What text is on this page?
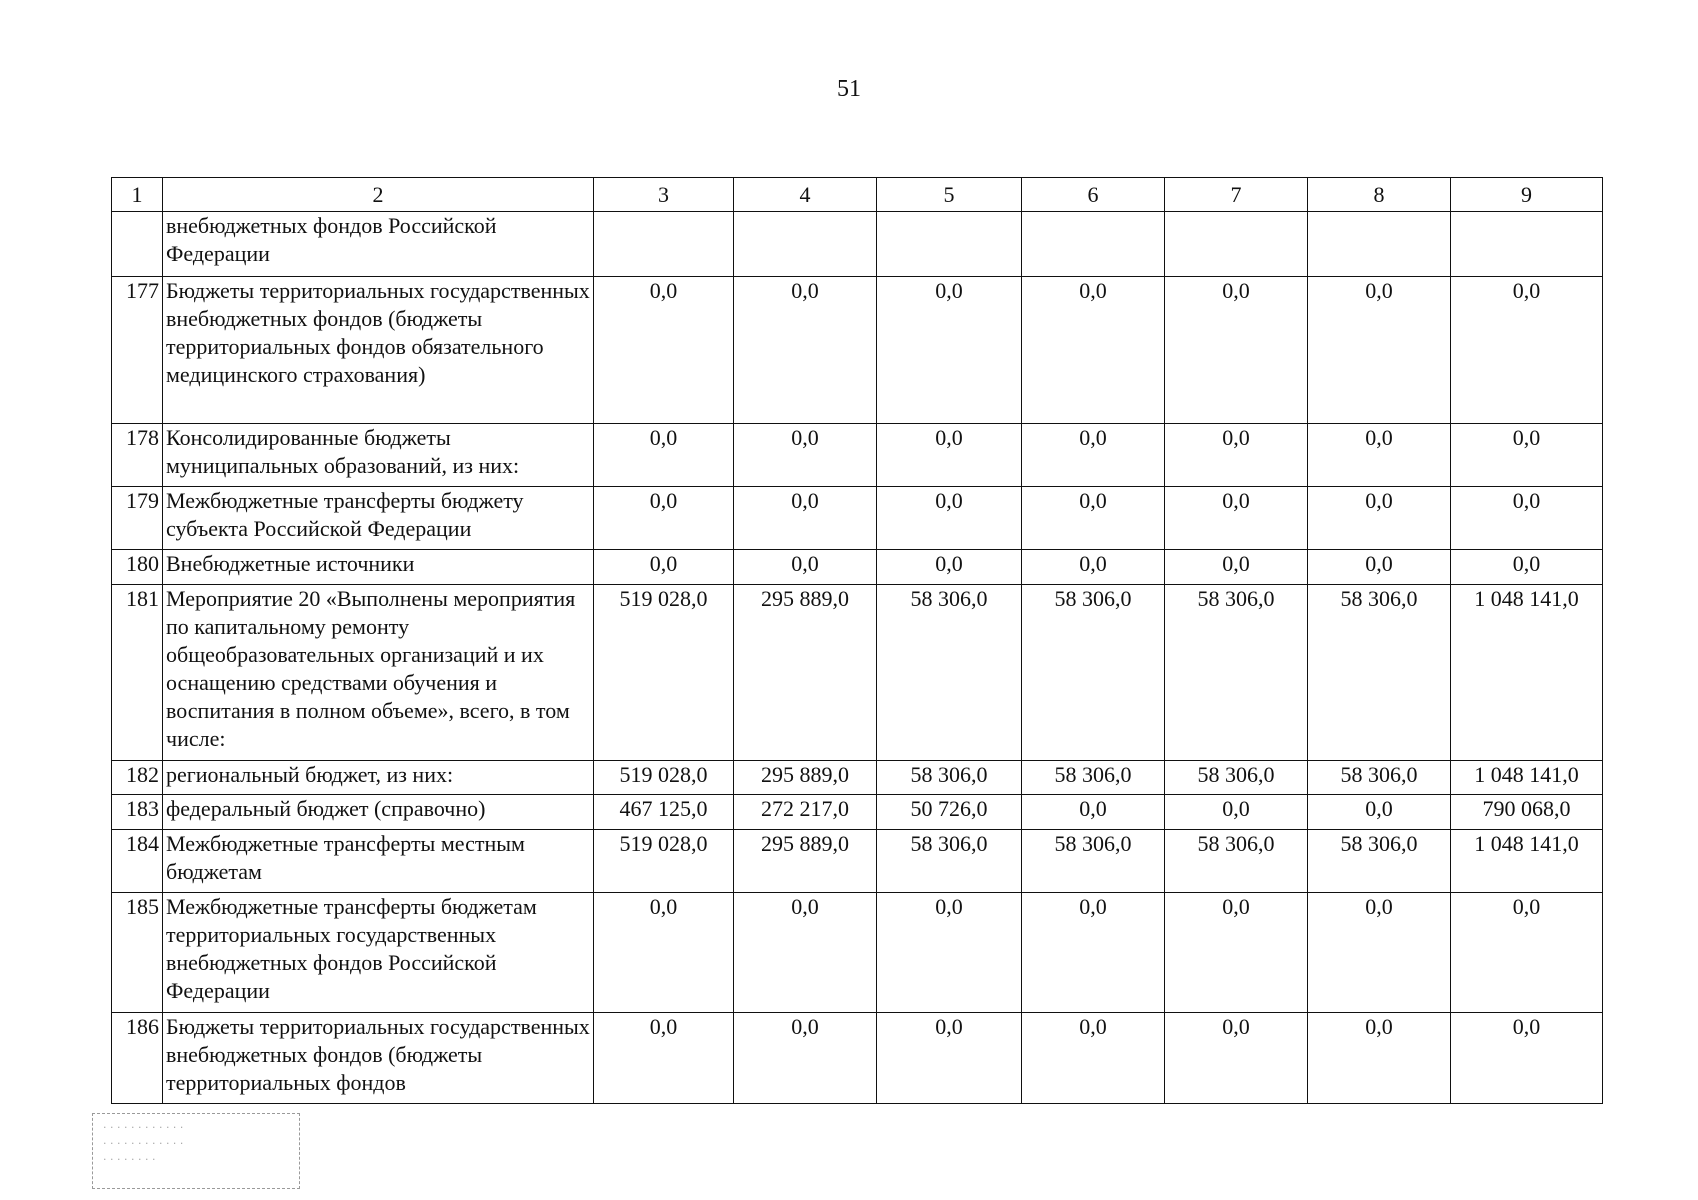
51
1	2	3	4	5	6	7	8	9
	внебюджетных фондов Российской Федерации							
177	Бюджеты территориальных государственных внебюджетных фондов (бюджеты территориальных фондов обязательного медицинского страхования)	0,0	0,0	0,0	0,0	0,0	0,0	0,0
178	Консолидированные бюджеты муниципальных образований, из них:	0,0	0,0	0,0	0,0	0,0	0,0	0,0
179	Межбюджетные трансферты бюджету субъекта Российской Федерации	0,0	0,0	0,0	0,0	0,0	0,0	0,0
180	Внебюджетные источники	0,0	0,0	0,0	0,0	0,0	0,0	0,0
181	Мероприятие 20 «Выполнены мероприятия по капитальному ремонту общеобразовательных организаций и их оснащению средствами обучения и воспитания в полном объеме», всего, в том числе:	519 028,0	295 889,0	58 306,0	58 306,0	58 306,0	58 306,0	1 048 141,0
182	региональный бюджет, из них:	519 028,0	295 889,0	58 306,0	58 306,0	58 306,0	58 306,0	1 048 141,0
183	федеральный бюджет (справочно)	467 125,0	272 217,0	50 726,0	0,0	0,0	0,0	790 068,0
184	Межбюджетные трансферты местным бюджетам	519 028,0	295 889,0	58 306,0	58 306,0	58 306,0	58 306,0	1 048 141,0
185	Межбюджетные трансферты бюджетам территориальных государственных внебюджетных фондов Российской Федерации	0,0	0,0	0,0	0,0	0,0	0,0	0,0
186	Бюджеты территориальных государственных внебюджетных фондов (бюджеты территориальных фондов	0,0	0,0	0,0	0,0	0,0	0,0	0,0
· · · · · · · · · · · ·
· · · · · · · · · · · ·
· · · · · · · ·
